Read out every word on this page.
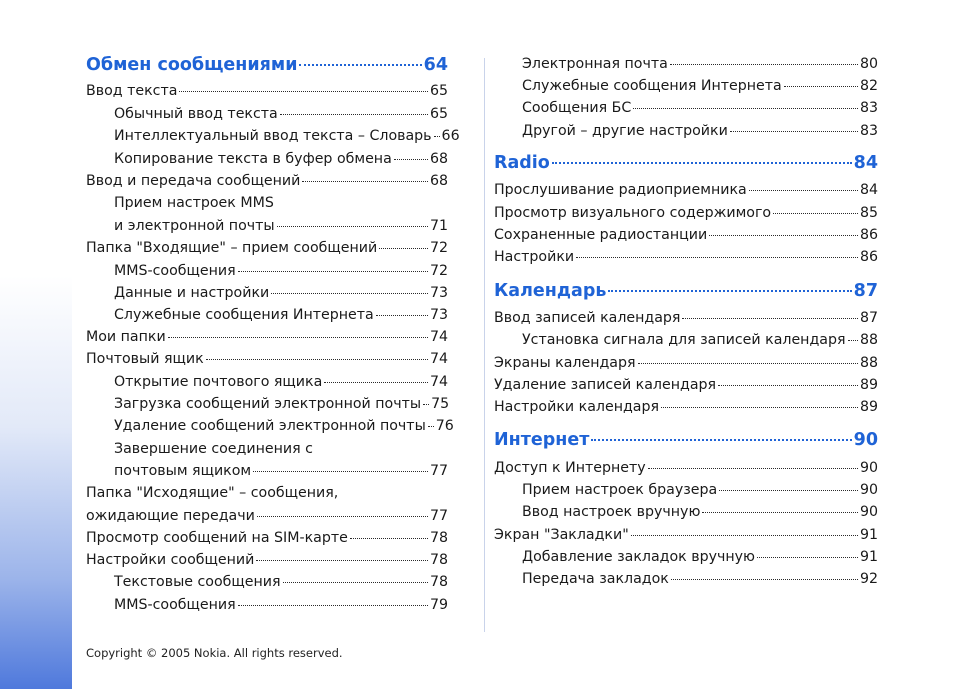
Обмен сообщениями	64
Ввод текста	65
Обычный ввод текста	65
Интеллектуальный ввод текста – Словарь 66
Копирование текста в буфер обмена	68
Ввод и передача сообщений	68
Прием настроек MMS
и электронной почты	71
Папка "Входящие" – прием сообщений	72
MMS-сообщения	72
Данные и настройки	73
Служебные сообщения Интернета	73
Мои папки	74
Почтовый ящик	74
Открытие почтового ящика	74
Загрузка сообщений электронной почты 75
Удаление сообщений электронной почты 76
Завершение соединения с
почтовым ящиком	77
Папка "Исходящие" – сообщения,
ожидающие передачи	77
Просмотр сообщений на SIM-карте	78
Настройки сообщений	78
Текстовые сообщения	78
MMS-сообщения	79
Электронная почта	80
Служебные сообщения Интернета	82
Сообщения БС	83
Другой – другие настройки	83
Radio	84
Прослушивание радиоприемника	84
Просмотр визуального содержимого	85
Сохраненные радиостанции	86
Настройки	86
Календарь	87
Ввод записей календаря	87
Установка сигнала для записей календаря 88
Экраны календаря	88
Удаление записей календаря	89
Настройки календаря	89
Интернет	90
Доступ к Интернету	90
Прием настроек браузера	90
Ввод настроек вручную	90
Экран "Закладки"	91
Добавление закладок вручную	91
Передача закладок	92
Copyright © 2005 Nokia. All rights reserved.
